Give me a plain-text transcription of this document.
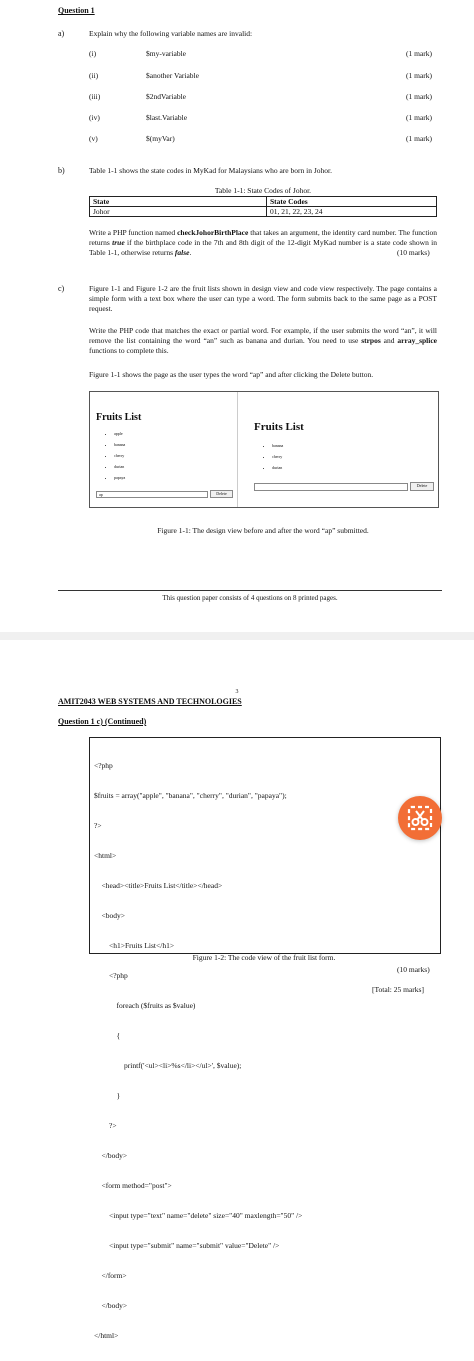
Question 1
a)	Explain why the following variable names are invalid:
(i)	$my-variable	(1 mark)
(ii)	$another Variable	(1 mark)
(iii)	$2ndVariable	(1 mark)
(iv)	$last.Variable	(1 mark)
(v)	$(myVar)	(1 mark)
b)	Table 1-1 shows the state codes in MyKad for Malaysians who are born in Johor.
Table 1-1: State Codes of Johor.
State	State Codes
Johor	01, 21, 22, 23, 24
Write a PHP function named checkJohorBirthPlace that takes an argument, the identity card number. The function returns true if the birthplace code in the 7th and 8th digit of the 12-digit MyKad number is a state code shown in Table 1-1, otherwise returns false.	(10 marks)
c)	Figure 1-1 and Figure 1-2 are the fruit lists shown in design view and code view respectively. The page contains a simple form with a text box where the user can type a word. The form submits back to the same page as a POST request.
Write the PHP code that matches the exact or partial word. For example, if the user submits the word “an”, it will remove the list containing the word “an” such as banana and durian. You need to use strpos and array_splice functions to complete this.
Figure 1-1 shows the page as the user types the word “ap” and after clicking the Delete button.
Fruits List
• apple
• banana
• cherry
• durian
• papaya
ap	Delete
Fruits List
• banana
• cherry
• durian
Delete
Figure 1-1: The design view before and after the word “ap” submitted.
This question paper consists of 4 questions on 8 printed pages.
3
AMIT2043 WEB SYSTEMS AND TECHNOLOGIES
Question 1 c) (Continued)

<?php

$fruits = array("apple", "banana", "cherry", "durian", "papaya");

?>

<html>

<head><title>Fruits List</title></head>

<body>

<h1>Fruits List</h1>

<?php

foreach ($fruits as $value)

{

printf('<ul><li>%s</li></ul>', $value);

}

?>

</body>

<form method="post">

<input type="text" name="delete" size="40" maxlength="50" />

<input type="submit" name="submit" value="Delete" />

</form>

</body>

</html>

Figure 1-2: The code view of the fruit list form.
(10 marks)
[Total: 25 marks]
